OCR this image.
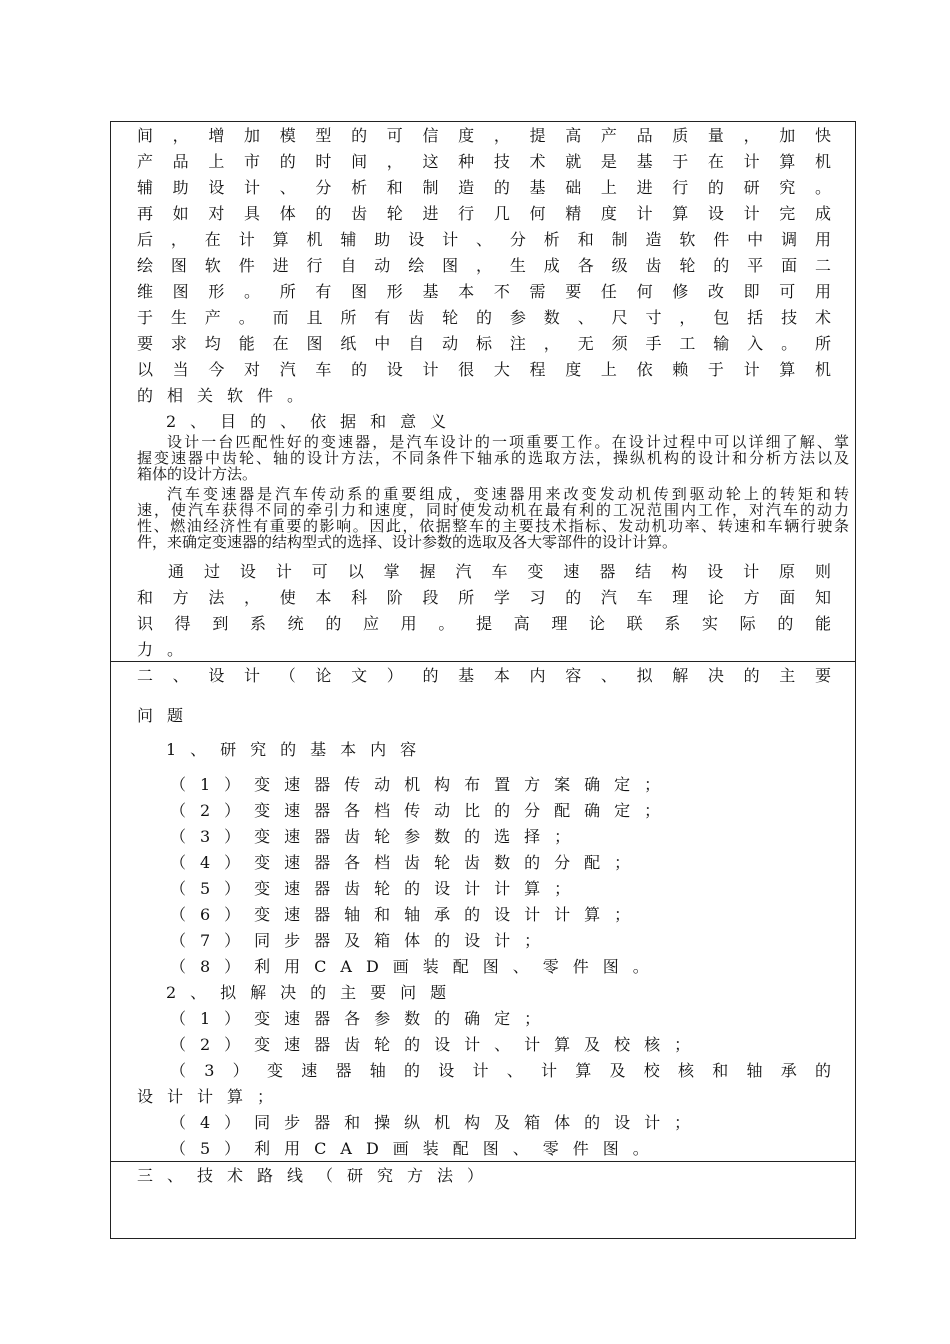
间，增加模型的可信度，提高产品质量，加快
产品上市的时间，这种技术就是基于在计算机
辅助设计、分析和制造的基础上进行的研究。
再如对具体的齿轮进行几何精度计算设计完成
后，在计算机辅助设计、分析和制造软件中调用
绘图软件进行自动绘图，生成各级齿轮的平面二
维图形。所有图形基本不需要任何修改即可用
于生产。而且所有齿轮的参数、尺寸，包括技术
要求均能在图纸中自动标注，无须手工输入。所
以当今对汽车的设计很大程度上依赖于计算机
的相关软件。
2、目的、依据和意义
设计一台匹配性好的变速器，是汽车设计的一项重要工作。在设计过程中可以详细了解、掌
握变速器中齿轮、轴的设计方法，不同条件下轴承的选取方法，操纵机构的设计和分析方法以及
箱体的设计方法。
汽车变速器是汽车传动系的重要组成，变速器用来改变发动机传到驱动轮上的转矩和转
速，使汽车获得不同的牵引力和速度，同时使发动机在最有利的工况范围内工作，对汽车的动力
性、燃油经济性有重要的影响。因此，依据整车的主要技术指标、发动机功率、转速和车辆行驶条
件，来确定变速器的结构型式的选择、设计参数的选取及各大零部件的设计计算。
通过设计可以掌握汽车变速器结构设计原则
和方法，使本科阶段所学习的汽车理论方面知
识得到系统的应用。提高理论联系实际的能
力。
二、设计（论文）的基本内容、拟解决的主要
问题
1、研究的基本内容
（1）变速器传动机构布置方案确定；
（2）变速器各档传动比的分配确定；
（3）变速器齿轮参数的选择；
（4）变速器各档齿轮齿数的分配；
（5）变速器齿轮的设计计算；
（6）变速器轴和轴承的设计计算；
（7）同步器及箱体的设计；
（8）利用CAD画装配图、零件图。
2、拟解决的主要问题
（1）变速器各参数的确定；
（2）变速器齿轮的设计、计算及校核；
（3）变速器轴的设计、计算及校核和轴承的
设计计算；
（4）同步器和操纵机构及箱体的设计；
（5）利用CAD画装配图、零件图。
三、技术路线（研究方法）
